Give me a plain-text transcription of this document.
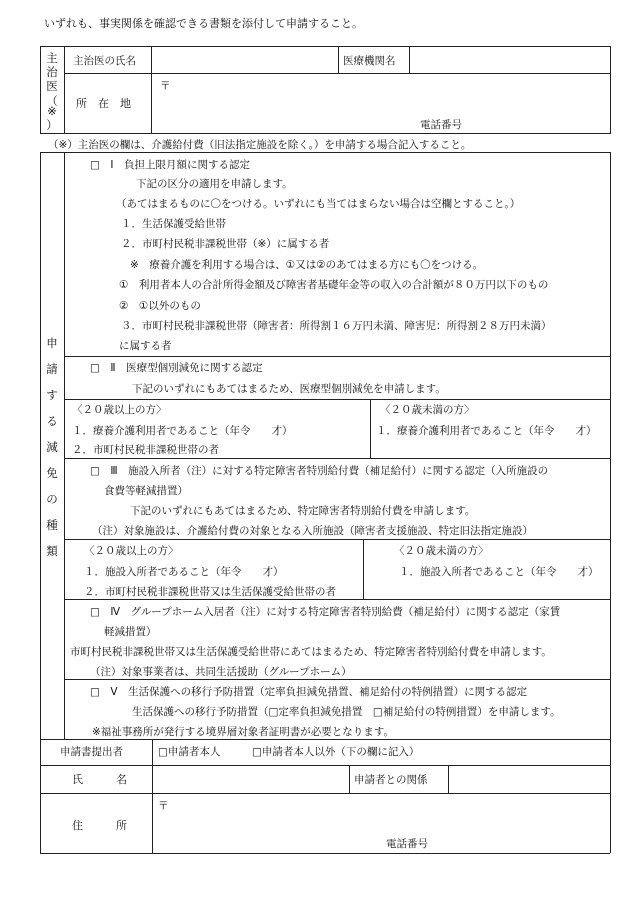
いずれも、事実関係を確認できる書類を添付して申請すること。
主
治
医
（
※
）
主治医の氏名	医療機関名
所　在　地
〒
電話番号
（※）主治医の欄は、介護給付費（旧法指定施設を除く。）を申請する場合記入すること。
申
請
す
る
減
免
の
種
類
□　Ⅰ　負担上限月額に関する認定
下記の区分の適用を申請します。
（あてはまるものに〇をつける。いずれにも当てはまらない場合は空欄とすること。）
１．生活保護受給世帯
２．市町村民税非課税世帯（※）に属する者
※　療養介護を利用する場合は、①又は②のあてはまる方にも〇をつける。
①　利用者本人の合計所得金額及び障害者基礎年金等の収入の合計額が８０万円以下のもの
②　①以外のもの
３．市町村民税非課税世帯（障害者：所得割１６万円未満、障害児：所得割２８万円未満）
に属する者
□　Ⅱ　医療型個別減免に関する認定
下記のいずれにもあてはまるため、医療型個別減免を申請します。
〈２０歳以上の方〉
１．療養介護利用者であること（年令　　才）
２．市町村民税非課税世帯の者
〈２０歳未満の方〉
１．療養介護利用者であること（年令　　才）
□　Ⅲ　施設入所者（注）に対する特定障害者特別給付費（補足給付）に関する認定（入所施設の
食費等軽減措置）
下記のいずれにもあてはまるため、特定障害者特別給付費を申請します。
（注）対象施設は、介護給付費の対象となる入所施設（障害者支援施設、特定旧法指定施設）
〈２０歳以上の方〉
１．施設入所者であること（年令　　才）
２．市町村民税非課税世帯又は生活保護受給世帯の者
〈２０歳未満の方〉
１．施設入所者であること（年令　　才）
□　Ⅳ　グループホーム入居者（注）に対する特定障害者特別給費（補足給付）に関する認定（家賃
軽減措置）
市町村民税非課税世帯又は生活保護受給世帯にあてはまるため、特定障害者特別給付費を申請します。
（注）対象事業者は、共同生活援助（グループホーム）
□　Ⅴ　生活保護への移行予防措置（定率負担減免措置、補足給付の特例措置）に関する認定
生活保護への移行予防措置（□定率負担減免措置　□補足給付の特例措置）を申請します。
※福祉事務所が発行する境界層対象者証明書が必要となります。
申請書提出者	□申請者本人	□申請者本人以外（下の欄に記入）
氏　　　名	申請者との関係
住　　　所
〒
電話番号
